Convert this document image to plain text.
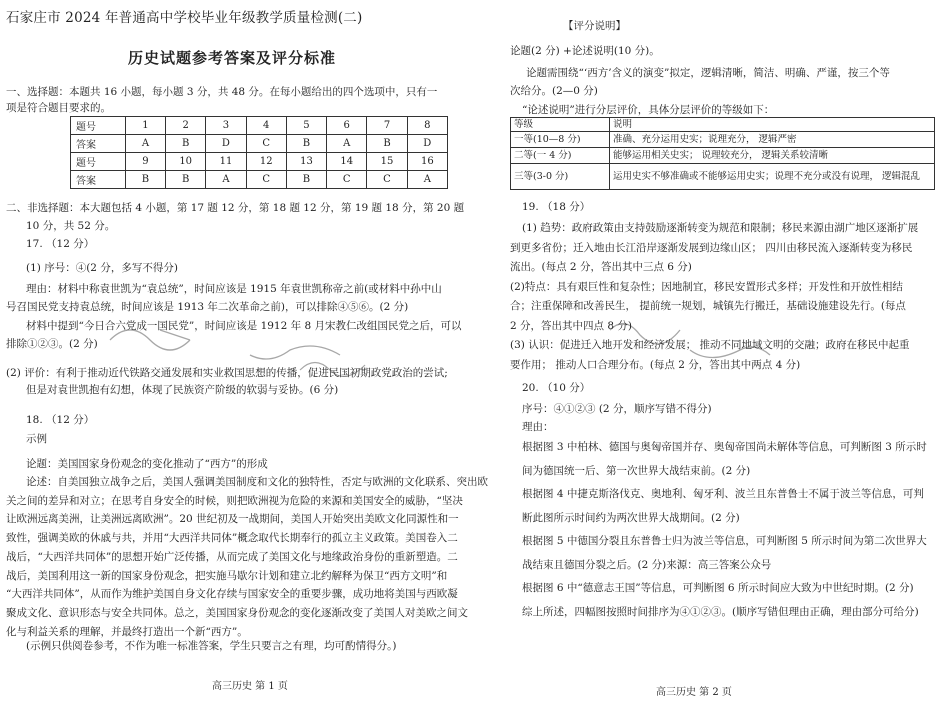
石家庄市 2024 年普通高中学校毕业年级教学质量检测(二)
历史试题参考答案及评分标准
一、选择题：本题共 16 小题，每小题 3 分，共 48 分。在每小题给出的四个选项中，只有一
项是符合题目要求的。
题号	1	2	3	4	5	6	7	8
答案	A	B	D	C	B	A	B	D
题号	9	10	11	12	13	14	15	16
答案	B	B	A	C	B	C	C	A
二、非选择题：本大题包括 4 小题，第 17 题 12 分，第 18 题 12 分，第 19 题 18 分，第 20 题
10 分，共 52 分。
17. （12 分）
(1) 序号：④(2 分，多写不得分)
理由：材料中称袁世凯为“袁总统”，时间应该是 1915 年袁世凯称帝之前(或材料中孙中山
号召国民党支持袁总统，时间应该是 1913 年二次革命之前)，可以排除④⑤⑥。(2 分)
材料中提到“今日合六党成一国民党”，时间应该是 1912 年 8 月宋教仁改组国民党之后，可以
排除①②③。(2 分)
(2) 评价：有利于推动近代铁路交通发展和实业救国思想的传播，促进民国初期政党政治的尝试;
但是对袁世凯抱有幻想，体现了民族资产阶级的软弱与妥协。(6 分)
18. （12 分）
示例
论题：美国国家身份观念的变化推动了“西方”的形成
论述：自美国独立战争之后，美国人强调美国制度和文化的独特性，否定与欧洲的文化联系、突出欧
关之间的差异和对立；在思考自身安全的时候，则把欧洲视为危险的来源和美国安全的威胁，“坚决
让欧洲远离美洲，让美洲远离欧洲”。20 世纪初及一战期间，美国人开始突出美欧文化同源性和一
致性，强调美欧的休戚与共，并用“大西洋共同体”概念取代长期奉行的孤立主义政策。美国卷入二
战后，“大西洋共同体”的思想开始广泛传播，从而完成了美国文化与地缘政治身份的重新塑造。二
战后，美国利用这一新的国家身份观念，把实施马歇尔计划和建立北约解释为保卫“西方文明”和
“大西洋共同体”，从而作为维护美国自身文化存续与国家安全的重要步骤，成功地将美国与西欧凝
聚成文化、意识形态与安全共同体。总之，美国国家身份观念的变化逐渐改变了美国人对美欧之间文
化与利益关系的理解，并最终打造出一个新“西方”。
(示例只供阅卷参考，不作为唯一标准答案，学生只要言之有理，均可酌情得分。)
高三历史 第 1 页
【评分说明】
论题(2 分) +论述说明(10 分)。
论题需围绕“‘西方’含义的演变”拟定，逻辑清晰，简洁、明确、严谨，按三个等
次给分。(2—0 分)
“论述说明”进行分层评价，具体分层评价的等级如下：
等级	说明
一等(10—8 分)	准确、充分运用史实；说理充分， 逻辑严密
二等(一 4 分)	能够运用相关史实； 说理较充分， 逻辑关系较清晰
三等(3-0 分)	运用史实不够准确或不能够运用史实；说理不充分或没有说理， 逻辑混乱
19. （18 分）
(1) 趋势：政府政策由支持鼓励逐渐转变为规范和限制；移民来源由湖广地区逐渐扩展
到更多省份；迁入地由长江沿岸逐渐发展到边缘山区； 四川由移民流入逐渐转变为移民
流出。(每点 2 分，答出其中三点 6 分)
(2)特点：具有艰巨性和复杂性；因地制宜，移民安置形式多样；开发性和开放性相结
合；注重保障和改善民生， 提前统一规划，城镇先行搬迁，基础设施建设先行。(每点
2 分，答出其中四点 8 分)
(3) 认识：促进迁入地开发和经济发展； 推动不同地域文明的交融；政府在移民中起重
要作用； 推动人口合理分布。(每点 2 分，答出其中两点 4 分)
20. （10 分）
序号：④①②③ (2 分，顺序写错不得分)
理由：
根据图 3 中柏林、德国与奥匈帝国并存、奥匈帝国尚未解体等信息，可判断图 3 所示时
间为德国统一后、第一次世界大战结束前。(2 分)
根据图 4 中捷克斯洛伐克、奥地利、匈牙利、波兰且东普鲁士不属于波兰等信息，可判
断此图所示时间约为两次世界大战期间。(2 分)
根据图 5 中德国分裂且东普鲁士归为波兰等信息，可判断图 5 所示时间为第二次世界大
战结束且德国分裂之后。(2 分)来源：高三答案公众号
根据图 6 中“德意志王国”等信息，可判断图 6 所示时间应大致为中世纪时期。(2 分)
综上所述，四幅图按照时间排序为④①②③。(顺序写错但理由正确，理由部分可给分)
高三历史 第 2 页
